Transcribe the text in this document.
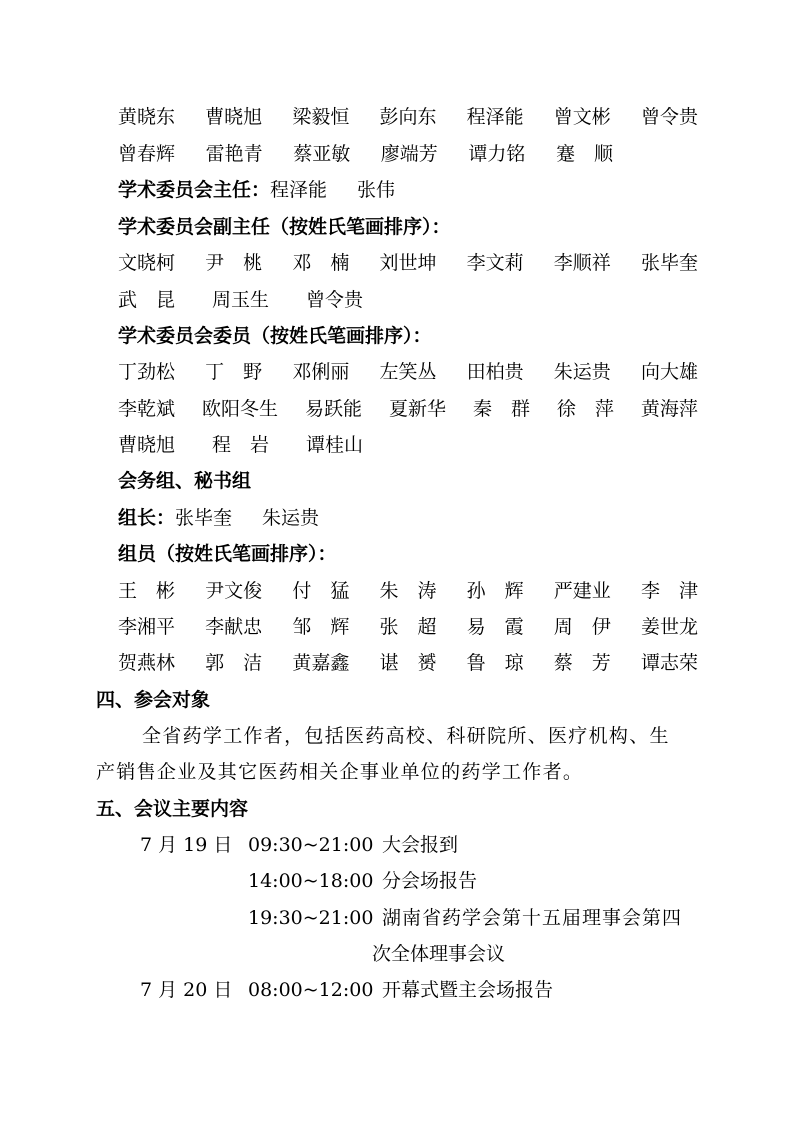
黄晓东 曹晓旭 梁毅恒 彭向东 程泽能 曾文彬 曾令贵
曾春辉 雷艳青 蔡亚敏 廖端芳 谭力铭 蹇　顺
学术委员会主任：程泽能 张伟
学术委员会副主任（按姓氏笔画排序）：
文晓柯 尹　桃 邓　楠 刘世坤 李文莉 李顺祥 张毕奎
武　昆 周玉生 曾令贵
学术委员会委员（按姓氏笔画排序）：
丁劲松 丁　野 邓俐丽 左笑丛 田柏贵 朱运贵 向大雄
李乾斌 欧阳冬生 易跃能 夏新华 秦　群 徐　萍 黄海萍
曹晓旭 程　岩 谭桂山
会务组、秘书组
组长：张毕奎 朱运贵
组员（按姓氏笔画排序）：
王　彬 尹文俊 付　猛 朱　涛 孙　辉 严建业 李　津
李湘平 李献忠 邹　辉 张　超 易　霞 周　伊 姜世龙
贺燕林 郭　洁 黄嘉鑫 谌　赟 鲁　琼 蔡　芳 谭志荣
四、参会对象
全省药学工作者，包括医药高校、科研院所、医疗机构、生
产销售企业及其它医药相关企事业单位的药学工作者。
五、会议主要内容
7 月 19 日 09:30~21:00 大会报到
14:00~18:00 分会场报告
19:30~21:00 湖南省药学会第十五届理事会第四
次全体理事会议
7 月 20 日 08:00~12:00 开幕式暨主会场报告
